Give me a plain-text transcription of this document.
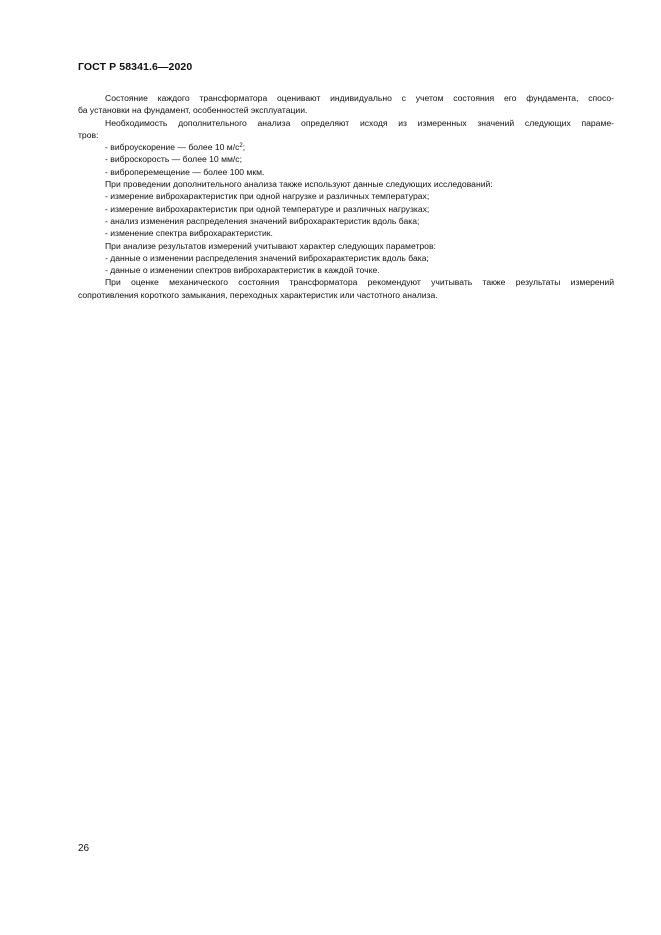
ГОСТ Р 58341.6—2020
Состояние каждого трансформатора оценивают индивидуально с учетом состояния его фундамента, спосо-
ба установки на фундамент, особенностей эксплуатации.
Необходимость дополнительного анализа определяют исходя из измеренных значений следующих параме-
тров:
- виброускорение — более 10 $м/с^2$;
- виброскорость — более 10 мм/с;
- виброперемещение — более 100 мкм.
При проведении дополнительного анализа также используют данные следующих исследований:
- измерение виброхарактеристик при одной нагрузке и различных температурах;
- измерение виброхарактеристик при одной температуре и различных нагрузках;
- анализ изменения распределения значений виброхарактеристик вдоль бака;
- изменение спектра виброхарактеристик.
При анализе результатов измерений учитывают характер следующих параметров:
- данные о изменении распределения значений виброхарактеристик вдоль бака;
- данные о изменении спектров виброхарактеристик в каждой точке.
При оценке механического состояния трансформатора рекомендуют учитывать также результаты измерений
сопротивления короткого замыкания, переходных характеристик или частотного анализа.
26
